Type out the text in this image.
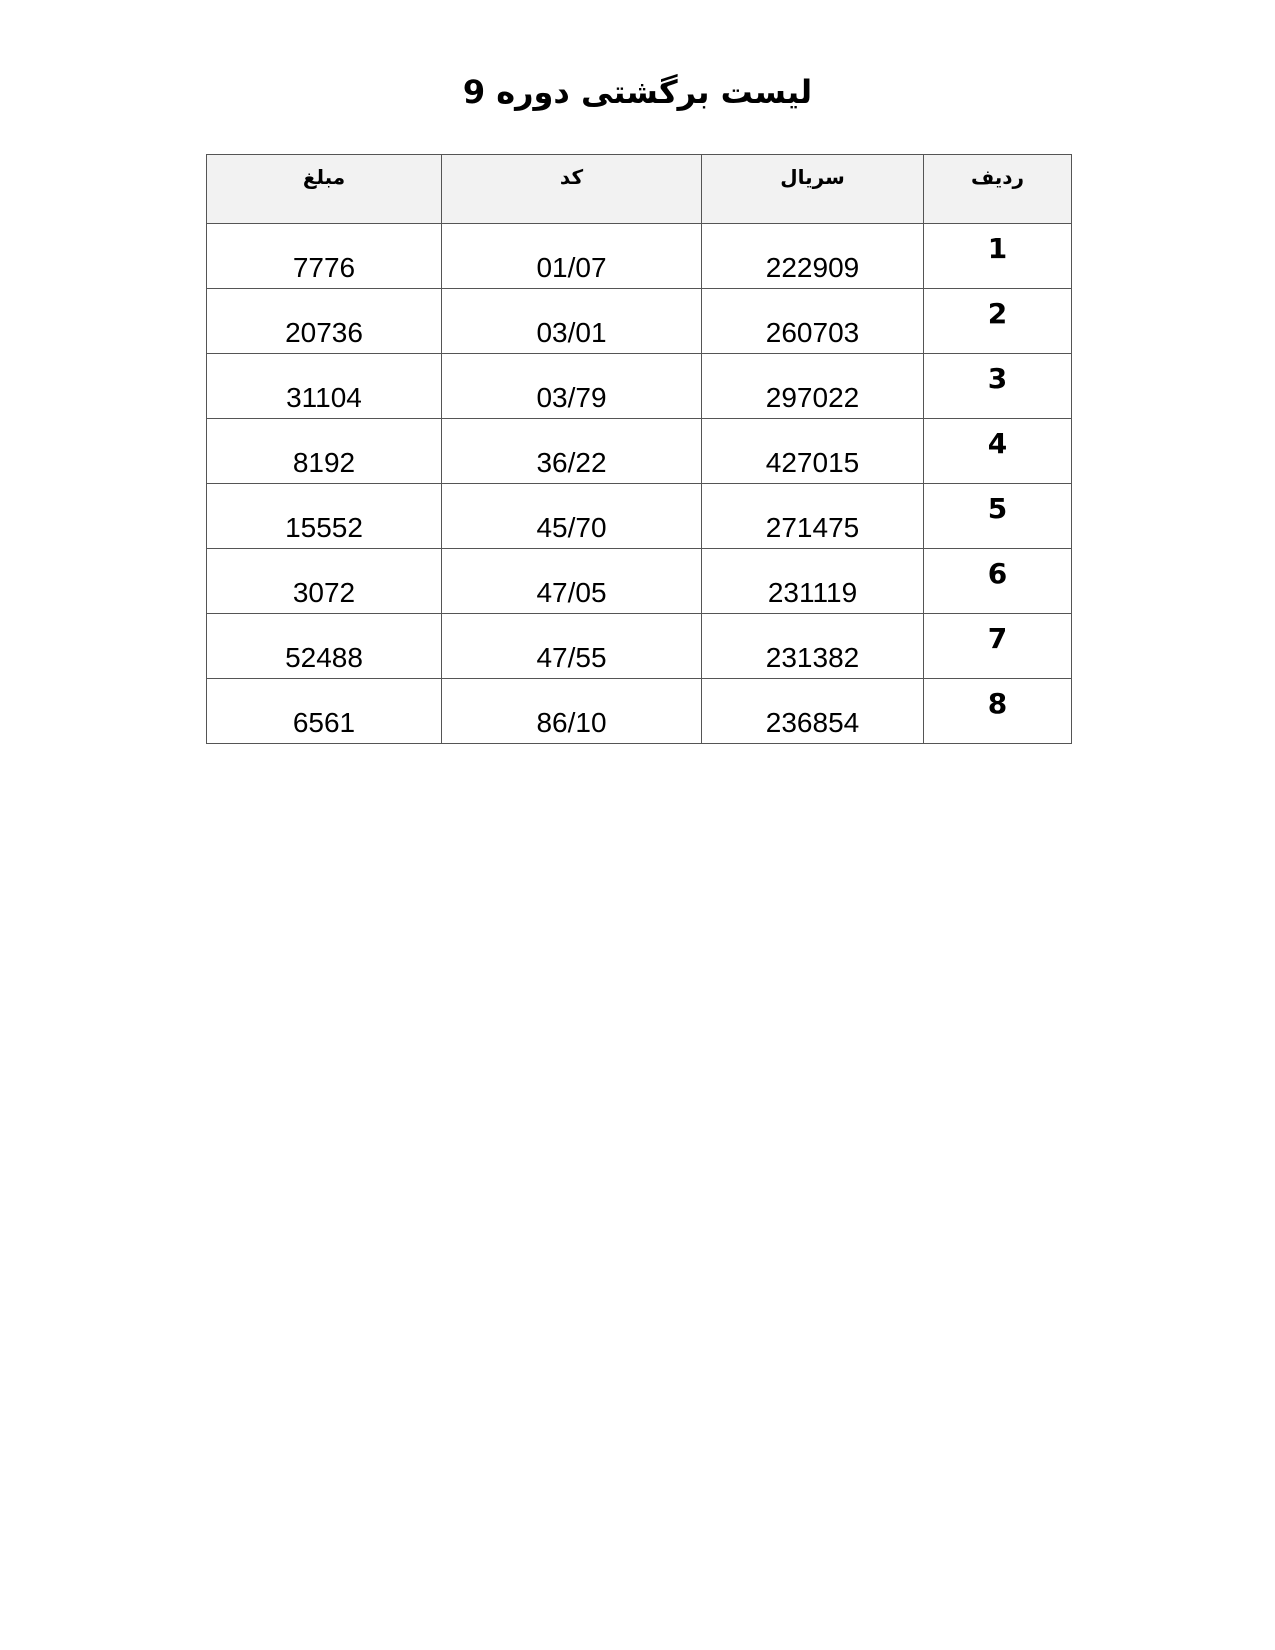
لیست برگشتی دوره 9
ردیف	سریال	کد	مبلغ
1	222909	01/07	7776
2	260703	03/01	20736
3	297022	03/79	31104
4	427015	36/22	8192
5	271475	45/70	15552
6	231119	47/05	3072
7	231382	47/55	52488
8	236854	86/10	6561
